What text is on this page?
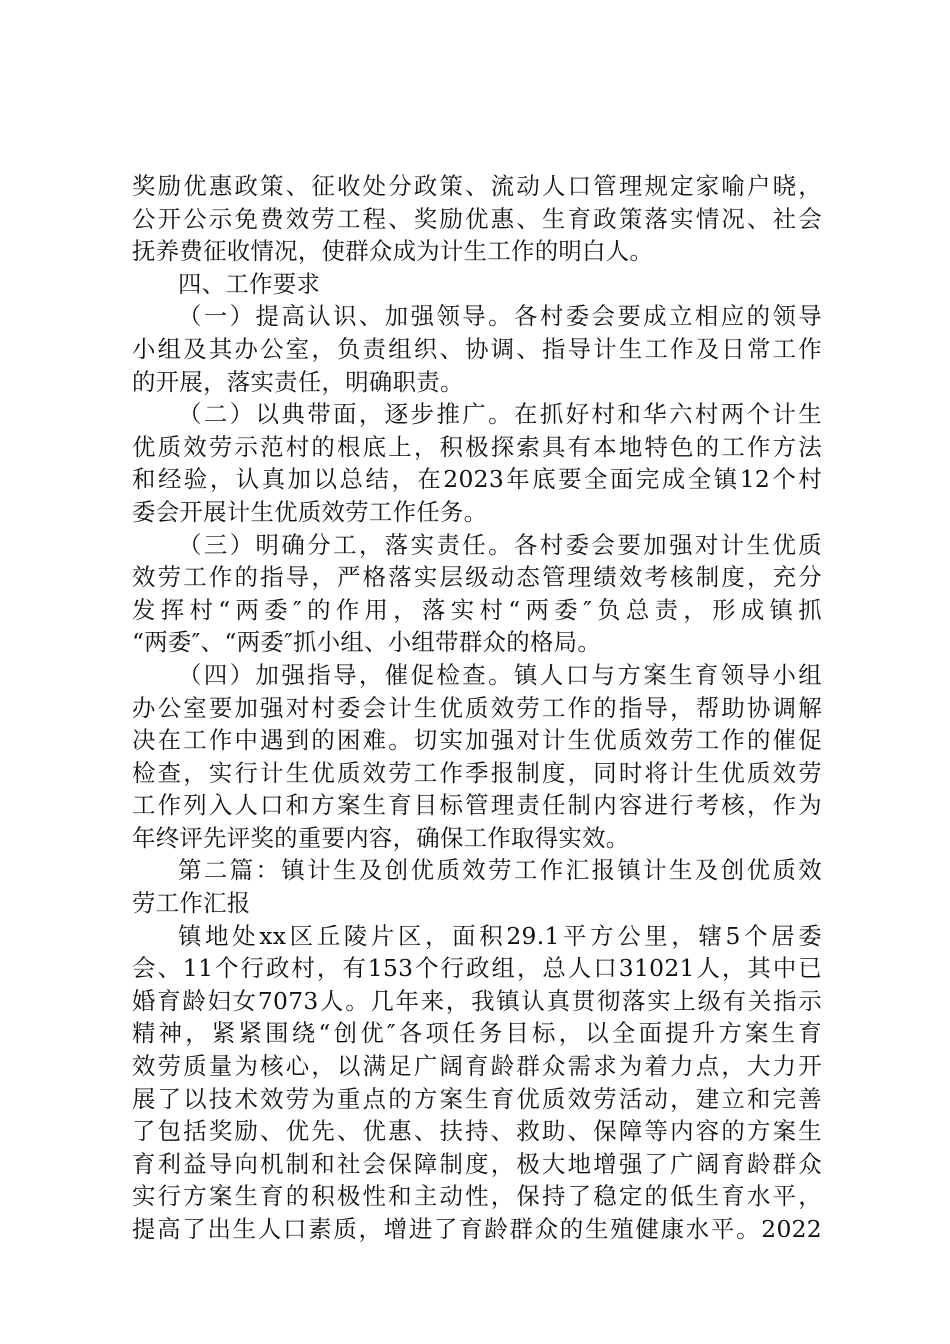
奖励优惠政策、征收处分政策、流动人口管理规定家喻户晓，
公开公示免费效劳工程、奖励优惠、生育政策落实情况、社会
抚养费征收情况，使群众成为计生工作的明白人。
四、工作要求
（一）提高认识、加强领导。各村委会要成立相应的领导
小组及其办公室，负责组织、协调、指导计生工作及日常工作
的开展，落实责任，明确职责。
（二）以典带面，逐步推广。在抓好村和华六村两个计生
优质效劳示范村的根底上，积极探索具有本地特色的工作方法
和经验，认真加以总结，在2023年底要全面完成全镇12个村
委会开展计生优质效劳工作任务。
（三）明确分工，落实责任。各村委会要加强对计生优质
效劳工作的指导，严格落实层级动态管理绩效考核制度，充分
发挥村“两委″的作用，落实村“两委″负总责，形成镇抓
“两委″、“两委″抓小组、小组带群众的格局。
（四）加强指导，催促检查。镇人口与方案生育领导小组
办公室要加强对村委会计生优质效劳工作的指导，帮助协调解
决在工作中遇到的困难。切实加强对计生优质效劳工作的催促
检查，实行计生优质效劳工作季报制度，同时将计生优质效劳
工作列入人口和方案生育目标管理责任制内容进行考核，作为
年终评先评奖的重要内容，确保工作取得实效。
第二篇：镇计生及创优质效劳工作汇报镇计生及创优质效
劳工作汇报
镇地处xx区丘陵片区，面积29.1平方公里，辖5个居委
会、11个行政村，有153个行政组，总人口31021人，其中已
婚育龄妇女7073人。几年来，我镇认真贯彻落实上级有关指示
精神，紧紧围绕“创优″各项任务目标，以全面提升方案生育
效劳质量为核心，以满足广阔育龄群众需求为着力点，大力开
展了以技术效劳为重点的方案生育优质效劳活动，建立和完善
了包括奖励、优先、优惠、扶持、救助、保障等内容的方案生
育利益导向机制和社会保障制度，极大地增强了广阔育龄群众
实行方案生育的积极性和主动性，保持了稳定的低生育水平，
提高了出生人口素质，增进了育龄群众的生殖健康水平。2022
